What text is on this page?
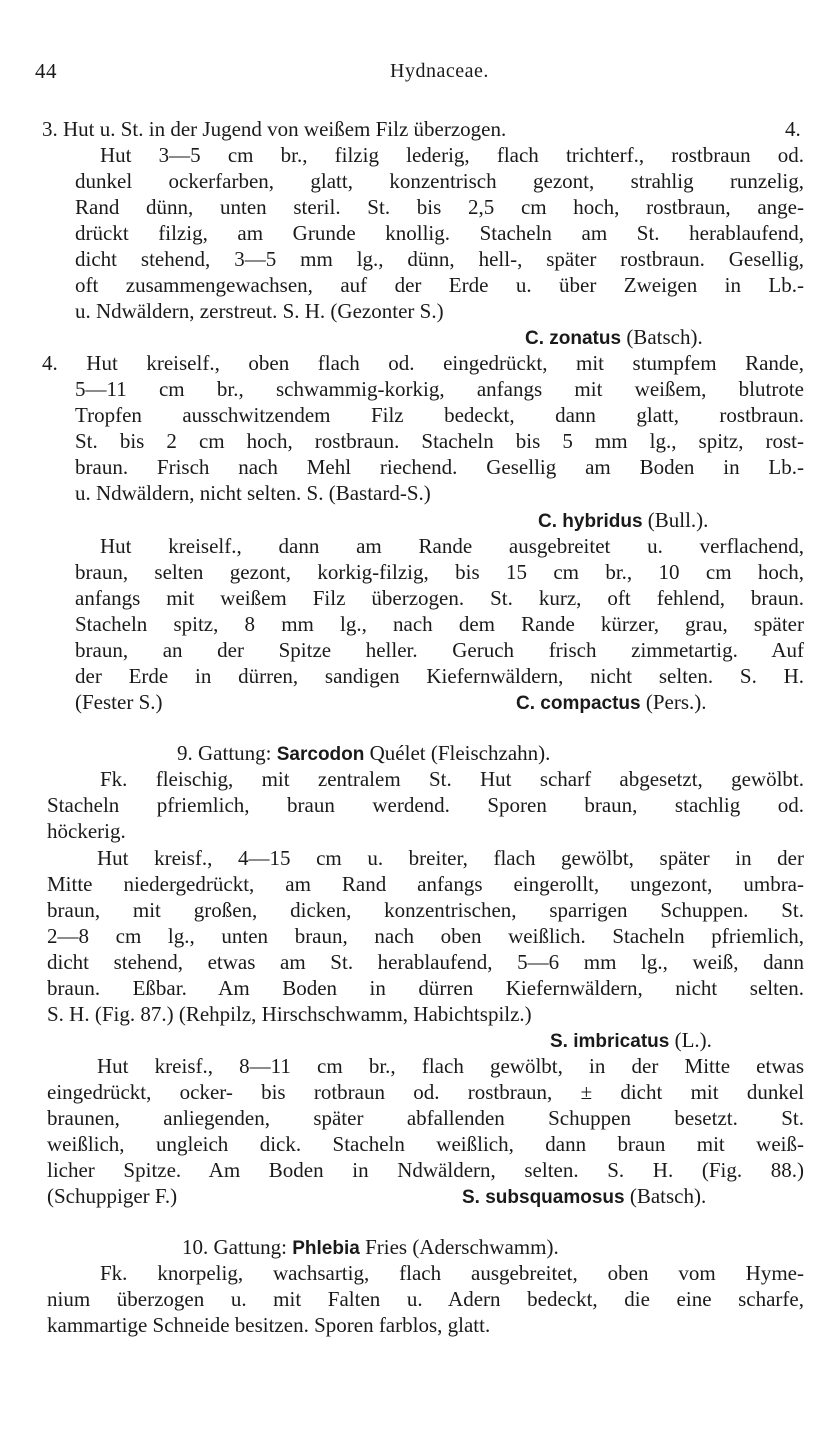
44	Hydnaceae.
3. Hut u. St. in der Jugend von weißem Filz überzogen.	4.
Hut 3—5 cm br., filzig lederig, flach trichterf., rostbraun od.
dunkel ockerfarben, glatt, konzentrisch gezont, strahlig runzelig,
Rand dünn, unten steril. St. bis 2,5 cm hoch, rostbraun, ange-
drückt filzig, am Grunde knollig. Stacheln am St. herablaufend,
dicht stehend, 3—5 mm lg., dünn, hell-, später rostbraun. Gesellig,
oft zusammengewachsen, auf der Erde u. über Zweigen in Lb.-
u. Ndwäldern, zerstreut. S. H. (Gezonter S.)
C. zonatus (Batsch).
4. Hut kreiself., oben flach od. eingedrückt, mit stumpfem Rande,
5—11 cm br., schwammig-korkig, anfangs mit weißem, blutrote
Tropfen ausschwitzendem Filz bedeckt, dann glatt, rostbraun.
St. bis 2 cm hoch, rostbraun. Stacheln bis 5 mm lg., spitz, rost-
braun. Frisch nach Mehl riechend. Gesellig am Boden in Lb.-
u. Ndwäldern, nicht selten. S. (Bastard-S.)
C. hybridus (Bull.).
Hut kreiself., dann am Rande ausgebreitet u. verflachend,
braun, selten gezont, korkig-filzig, bis 15 cm br., 10 cm hoch,
anfangs mit weißem Filz überzogen. St. kurz, oft fehlend, braun.
Stacheln spitz, 8 mm lg., nach dem Rande kürzer, grau, später
braun, an der Spitze heller. Geruch frisch zimmetartig. Auf
der Erde in dürren, sandigen Kiefernwäldern, nicht selten. S. H.
(Fester S.)	C. compactus (Pers.).
9. Gattung: Sarcodon Quélet (Fleischzahn).
Fk. fleischig, mit zentralem St. Hut scharf abgesetzt, gewölbt.
Stacheln pfriemlich, braun werdend. Sporen braun, stachlig od.
höckerig.
Hut kreisf., 4—15 cm u. breiter, flach gewölbt, später in der
Mitte niedergedrückt, am Rand anfangs eingerollt, ungezont, umbra-
braun, mit großen, dicken, konzentrischen, sparrigen Schuppen. St.
2—8 cm lg., unten braun, nach oben weißlich. Stacheln pfriemlich,
dicht stehend, etwas am St. herablaufend, 5—6 mm lg., weiß, dann
braun. Eßbar. Am Boden in dürren Kiefernwäldern, nicht selten.
S. H. (Fig. 87.) (Rehpilz, Hirschschwamm, Habichtspilz.)
S. imbricatus (L.).
Hut kreisf., 8—11 cm br., flach gewölbt, in der Mitte etwas
eingedrückt, ocker- bis rotbraun od. rostbraun, ± dicht mit dunkel
braunen, anliegenden, später abfallenden Schuppen besetzt. St.
weißlich, ungleich dick. Stacheln weißlich, dann braun mit weiß-
licher Spitze. Am Boden in Ndwäldern, selten. S. H. (Fig. 88.)
(Schuppiger F.)	S. subsquamosus (Batsch).
10. Gattung: Phlebia Fries (Aderschwamm).
Fk. knorpelig, wachsartig, flach ausgebreitet, oben vom Hyme-
nium überzogen u. mit Falten u. Adern bedeckt, die eine scharfe,
kammartige Schneide besitzen. Sporen farblos, glatt.
